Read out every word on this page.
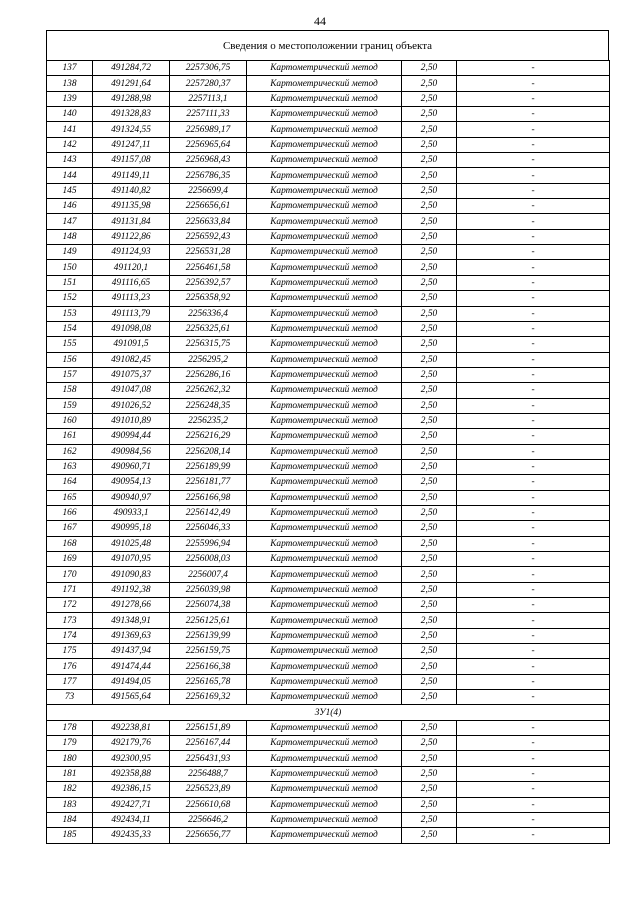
44
Сведения о местоположении границ объекта
137	491284,72	2257306,75	Картометрический метод	2,50	-
138	491291,64	2257280,37	Картометрический метод	2,50	-
139	491288,98	2257113,1	Картометрический метод	2,50	-
140	491328,83	2257111,33	Картометрический метод	2,50	-
141	491324,55	2256989,17	Картометрический метод	2,50	-
142	491247,11	2256965,64	Картометрический метод	2,50	-
143	491157,08	2256968,43	Картометрический метод	2,50	-
144	491149,11	2256786,35	Картометрический метод	2,50	-
145	491140,82	2256699,4	Картометрический метод	2,50	-
146	491135,98	2256656,61	Картометрический метод	2,50	-
147	491131,84	2256633,84	Картометрический метод	2,50	-
148	491122,86	2256592,43	Картометрический метод	2,50	-
149	491124,93	2256531,28	Картометрический метод	2,50	-
150	491120,1	2256461,58	Картометрический метод	2,50	-
151	491116,65	2256392,57	Картометрический метод	2,50	-
152	491113,23	2256358,92	Картометрический метод	2,50	-
153	491113,79	2256336,4	Картометрический метод	2,50	-
154	491098,08	2256325,61	Картометрический метод	2,50	-
155	491091,5	2256315,75	Картометрический метод	2,50	-
156	491082,45	2256295,2	Картометрический метод	2,50	-
157	491075,37	2256286,16	Картометрический метод	2,50	-
158	491047,08	2256262,32	Картометрический метод	2,50	-
159	491026,52	2256248,35	Картометрический метод	2,50	-
160	491010,89	2256235,2	Картометрический метод	2,50	-
161	490994,44	2256216,29	Картометрический метод	2,50	-
162	490984,56	2256208,14	Картометрический метод	2,50	-
163	490960,71	2256189,99	Картометрический метод	2,50	-
164	490954,13	2256181,77	Картометрический метод	2,50	-
165	490940,97	2256166,98	Картометрический метод	2,50	-
166	490933,1	2256142,49	Картометрический метод	2,50	-
167	490995,18	2256046,33	Картометрический метод	2,50	-
168	491025,48	2255996,94	Картометрический метод	2,50	-
169	491070,95	2256008,03	Картометрический метод	2,50	-
170	491090,83	2256007,4	Картометрический метод	2,50	-
171	491192,38	2256039,98	Картометрический метод	2,50	-
172	491278,66	2256074,38	Картометрический метод	2,50	-
173	491348,91	2256125,61	Картометрический метод	2,50	-
174	491369,63	2256139,99	Картометрический метод	2,50	-
175	491437,94	2256159,75	Картометрический метод	2,50	-
176	491474,44	2256166,38	Картометрический метод	2,50	-
177	491494,05	2256165,78	Картометрический метод	2,50	-
73	491565,64	2256169,32	Картометрический метод	2,50	-
ЗУ1(4)					
178	492238,81	2256151,89	Картометрический метод	2,50	-
179	492179,76	2256167,44	Картометрический метод	2,50	-
180	492300,95	2256431,93	Картометрический метод	2,50	-
181	492358,88	2256488,7	Картометрический метод	2,50	-
182	492386,15	2256523,89	Картометрический метод	2,50	-
183	492427,71	2256610,68	Картометрический метод	2,50	-
184	492434,11	2256646,2	Картометрический метод	2,50	-
185	492435,33	2256656,77	Картометрический метод	2,50	-
